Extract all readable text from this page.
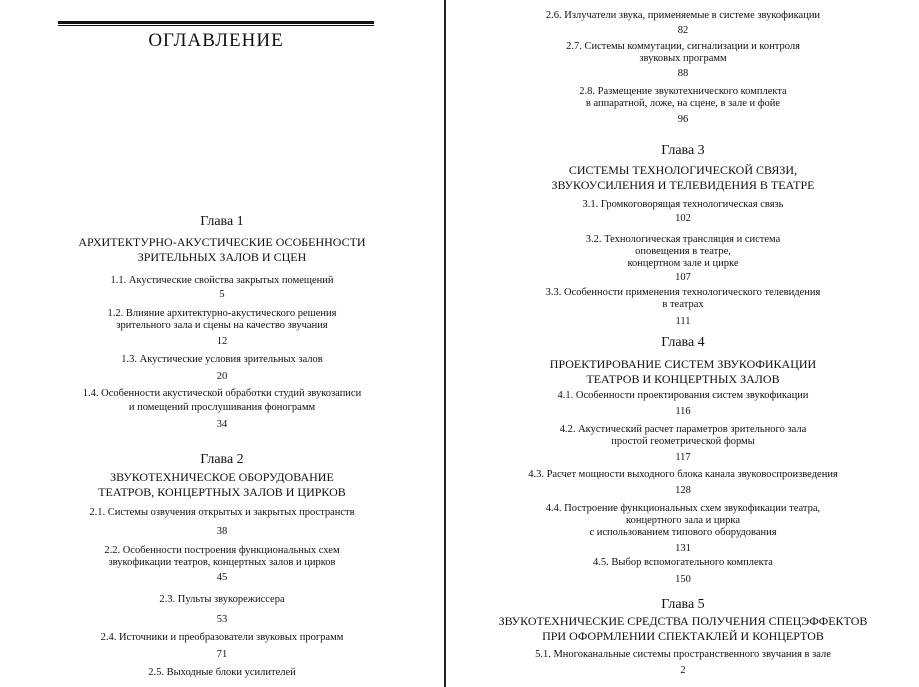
ОГЛАВЛЕНИЕ
Глава 1
АРХИТЕКТУРНО-АКУСТИЧЕСКИЕ ОСОБЕННОСТИ
ЗРИТЕЛЬНЫХ ЗАЛОВ И СЦЕН
1.1. Акустические свойства закрытых помещений
5
1.2. Влияние архитектурно-акустического решения
зрительного зала и сцены на качество звучания
12
1.3. Акустические условия зрительных залов
20
1.4. Особенности акустической обработки студий звукозаписи
и помещений прослушивания фонограмм
34
Глава 2
ЗВУКОТЕХНИЧЕСКОЕ ОБОРУДОВАНИЕ
ТЕАТРОВ, КОНЦЕРТНЫХ ЗАЛОВ И ЦИРКОВ
2.1. Системы озвучения открытых и закрытых пространств
38
2.2. Особенности построения функциональных схем
звукофикации театров, концертных залов и цирков
45
2.3. Пульты звукорежиссера
53
2.4. Источники и преобразователи звуковых программ
71
2.5. Выходные блоки усилителей
2.6. Излучатели звука, применяемые в системе звукофикации
82
2.7. Системы коммутации, сигнализации и контроля
звуковых программ
88
2.8. Размещение звукотехнического комплекта
в аппаратной, ложе, на сцене, в зале и фойе
96
Глава 3
СИСТЕМЫ ТЕХНОЛОГИЧЕСКОЙ СВЯЗИ,
ЗВУКОУСИЛЕНИЯ И ТЕЛЕВИДЕНИЯ В ТЕАТРЕ
3.1. Громкоговорящая технологическая связь
102
3.2. Технологическая трансляция и система
оповещения в театре,
концертном зале и цирке
107
3.3. Особенности применения технологического телевидения
в театрах
111
Глава 4
ПРОЕКТИРОВАНИЕ СИСТЕМ ЗВУКОФИКАЦИИ
ТЕАТРОВ И КОНЦЕРТНЫХ ЗАЛОВ
4.1. Особенности проектирования систем звукофикации
116
4.2. Акустический расчет параметров зрительного зала
простой геометрической формы
117
4.3. Расчет мощности выходного блока канала звуковоспроизведения
128
4.4. Построение функциональных схем звукофикации театра,
концертного зала и цирка
с использованием типового оборудования
131
4.5. Выбор вспомогательного комплекта
150
Глава 5
ЗВУКОТЕХНИЧЕСКИЕ СРЕДСТВА ПОЛУЧЕНИЯ СПЕЦЭФФЕКТОВ
ПРИ ОФОРМЛЕНИИ СПЕКТАКЛЕЙ И КОНЦЕРТОВ
5.1. Многоканальные системы пространственного звучания в зале
2
